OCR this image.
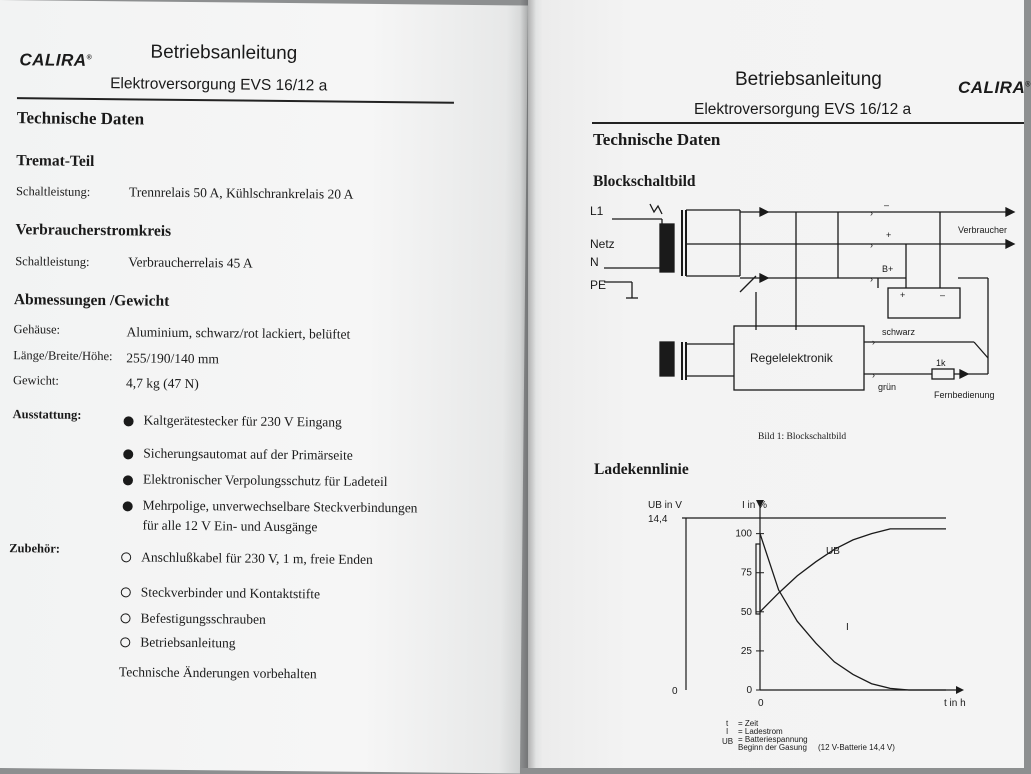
CALIRA®	Betriebsanleitung
Elektroversorgung EVS 16/12 a
Technische Daten
Tremat-Teil
Schaltleistung:	Trennrelais 50 A, Kühlschrankrelais 20 A
Verbraucherstromkreis
Schaltleistung:	Verbraucherrelais 45 A
Abmessungen /Gewicht
Gehäuse:	Aluminium, schwarz/rot lackiert, belüftet
Länge/Breite/Höhe: 255/190/140 mm
Gewicht:	4,7 kg (47 N)
Ausstattung:	Kaltgerätestecker für 230 V Eingang
Sicherungsautomat auf der Primärseite
Elektronischer Verpolungsschutz für Ladeteil
Mehrpolige, unverwechselbare Steckverbindungen
für alle 12 V Ein- und Ausgänge
Zubehör:
Anschlußkabel für 230 V, 1 m, freie Enden
Steckverbinder und Kontaktstifte
Befestigungsschrauben
Betriebsanleitung
Technische Änderungen vorbehalten
Betriebsanleitung	CALIRA®
Elektroversorgung EVS 16/12 a
Technische Daten
Blockschaltbild
›
›
›
›
›
L1
Netz
N
PE
–
+
B+
Verbraucher
+	–
schwarz
1k
grün
Regelelektronik
Fernbedienung
Bild 1: Blockschaltbild
Ladekennlinie
100
75
50
25
0
UB in V	I in %
14,4
0
0	t in h
UB
I
t = Zeit
I = Ladestrom
UB = Batteriespannung
Beginn der Gasung (12 V-Batterie 14,4 V)
